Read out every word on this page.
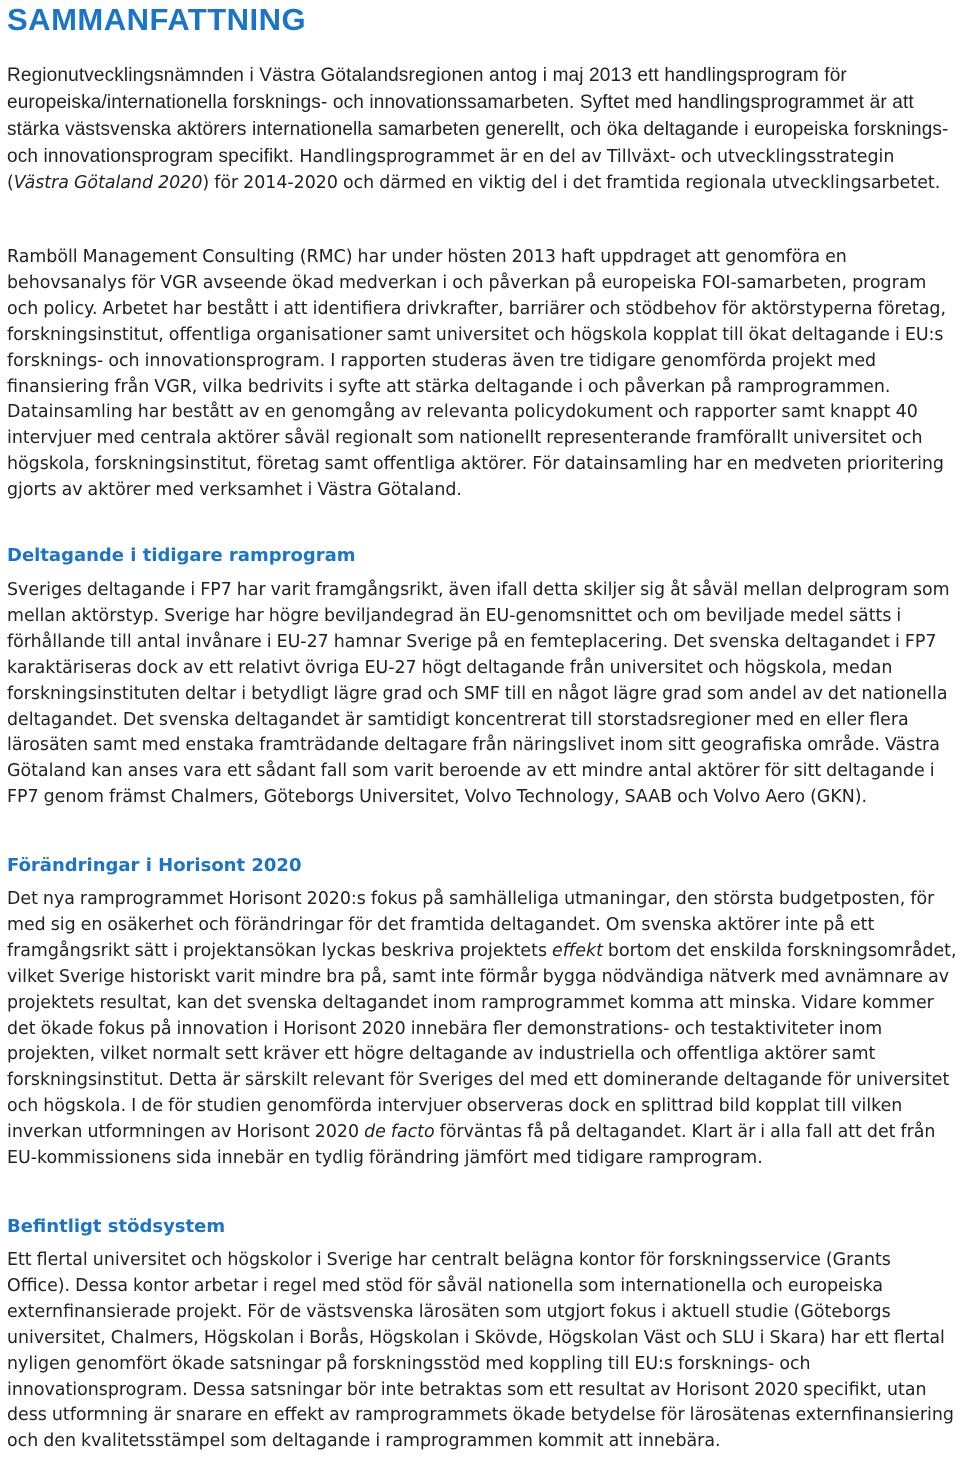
SAMMANFATTNING

Regionutvecklingsnämnden i Västra Götalandsregionen antog i maj 2013 ett handlingsprogram för europeiska/internationella forsknings- och innovationssamarbeten. Syftet med handlingsprogrammet är att stärka västsvenska aktörers internationella samarbeten generellt, och öka deltagande i europeiska forsknings- och innovationsprogram specifikt. Handlingsprogrammet är en del av Tillväxt- och utvecklingsstrategin (Västra Götaland 2020) för 2014-2020 och därmed en viktig del i det framtida regionala utvecklingsarbetet.

Ramböll Management Consulting (RMC) har under hösten 2013 haft uppdraget att genomföra en behovsanalys för VGR avseende ökad medverkan i och påverkan på europeiska FOI-samarbeten, program och policy. Arbetet har bestått i att identifiera drivkrafter, barriärer och stödbehov för aktörstyperna företag, forskningsinstitut, offentliga organisationer samt universitet och högskola kopplat till ökat deltagande i EU:s forsknings- och innovationsprogram. I rapporten studeras även tre tidigare genomförda projekt med finansiering från VGR, vilka bedrivits i syfte att stärka deltagande i och påverkan på ramprogrammen. Datainsamling har bestått av en genomgång av relevanta policydokument och rapporter samt knappt 40 intervjuer med centrala aktörer såväl regionalt som nationellt representerande framförallt universitet och högskola, forskningsinstitut, företag samt offentliga aktörer. För datainsamling har en medveten prioritering gjorts av aktörer med verksamhet i Västra Götaland.

Deltagande i tidigare ramprogram

Sveriges deltagande i FP7 har varit framgångsrikt, även ifall detta skiljer sig åt såväl mellan delprogram som mellan aktörstyp. Sverige har högre beviljandegrad än EU-genomsnittet och om beviljade medel sätts i förhållande till antal invånare i EU-27 hamnar Sverige på en femteplacering. Det svenska deltagandet i FP7 karaktäriseras dock av ett relativt övriga EU-27 högt deltagande från universitet och högskola, medan forskningsinstituten deltar i betydligt lägre grad och SMF till en något lägre grad som andel av det nationella deltagandet. Det svenska deltagandet är samtidigt koncentrerat till storstadsregioner med en eller flera lärosäten samt med enstaka framträdande deltagare från näringslivet inom sitt geografiska område. Västra Götaland kan anses vara ett sådant fall som varit beroende av ett mindre antal aktörer för sitt deltagande i FP7 genom främst Chalmers, Göteborgs Universitet, Volvo Technology, SAAB och Volvo Aero (GKN).

Förändringar i Horisont 2020

Det nya ramprogrammet Horisont 2020:s fokus på samhälleliga utmaningar, den största budgetposten, för med sig en osäkerhet och förändringar för det framtida deltagandet. Om svenska aktörer inte på ett framgångsrikt sätt i projektansökan lyckas beskriva projektets effekt bortom det enskilda forskningsområdet, vilket Sverige historiskt varit mindre bra på, samt inte förmår bygga nödvändiga nätverk med avnämnare av projektets resultat, kan det svenska deltagandet inom ramprogrammet komma att minska. Vidare kommer det ökade fokus på innovation i Horisont 2020 innebära fler demonstrations- och testaktiviteter inom projekten, vilket normalt sett kräver ett högre deltagande av industriella och offentliga aktörer samt forskningsinstitut. Detta är särskilt relevant för Sveriges del med ett dominerande deltagande för universitet och högskola. I de för studien genomförda intervjuer observeras dock en splittrad bild kopplat till vilken inverkan utformningen av Horisont 2020 de facto förväntas få på deltagandet. Klart är i alla fall att det från EU-kommissionens sida innebär en tydlig förändring jämfört med tidigare ramprogram.

Befintligt stödsystem

Ett flertal universitet och högskolor i Sverige har centralt belägna kontor för forskningsservice (Grants Office). Dessa kontor arbetar i regel med stöd för såväl nationella som internationella och europeiska externfinansierade projekt. För de västsvenska lärosäten som utgjort fokus i aktuell studie (Göteborgs universitet, Chalmers, Högskolan i Borås, Högskolan i Skövde, Högskolan Väst och SLU i Skara) har ett flertal nyligen genomfört ökade satsningar på forskningsstöd med koppling till EU:s forsknings- och innovationsprogram. Dessa satsningar bör inte betraktas som ett resultat av Horisont 2020 specifikt, utan dess utformning är snarare en effekt av ramprogrammets ökade betydelse för lärosätenas externfinansiering och den kvalitetsstämpel som deltagande i ramprogrammen kommit att innebära.
